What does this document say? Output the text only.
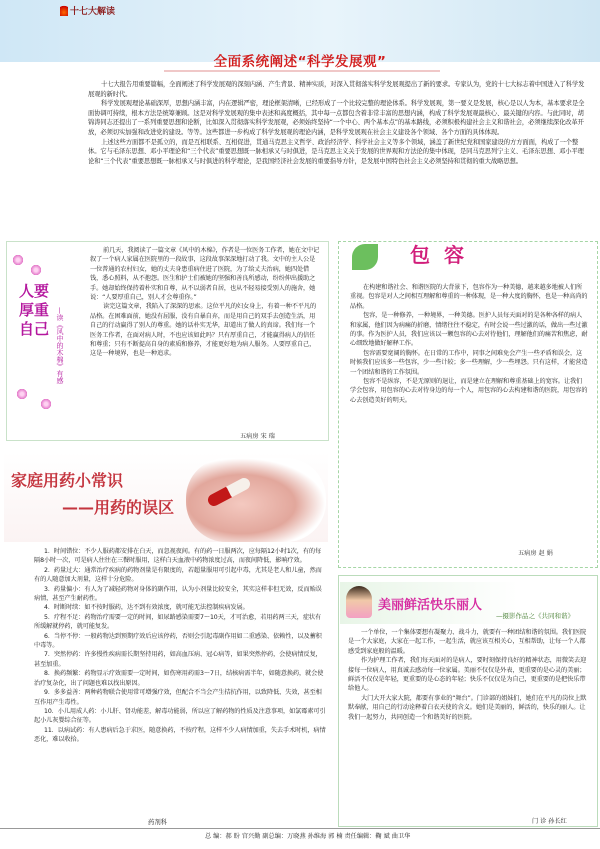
十七大解读
全面系统阐述“科学发展观”

十七大报告用重要篇幅，全面阐述了科学发展观的深刻内涵、产生背景、精神实质，对深入贯彻落实科学发展观提出了新的要求。专家认为，党的十七大标志着中国进入了科学发展观的新时代。

科学发展观理论基础深厚，思想内涵丰富，内在逻辑严密，理论框架清晰，已经形成了一个比较完整的理论体系。科学发展观，第一要义是发展，核心是以人为本，基本要求是全面协调可持续，根本方法是统筹兼顾。这是对科学发展观的集中表述和高度概括，其中每一点都包含着非常丰富的思想内涵，构成了科学发展观最核心、最关键的内容。与此同时，胡锦涛同志还提出了一系列重要思想和论断，比如深入贯彻落实科学发展观，必须始终坚持“一个中心、两个基本点”的基本路线，必须积极构建社会主义和谐社会，必须继续深化改革开放，必须切实加强和改进党的建设。等等。这些都进一步构成了科学发展观的理论内涵，是科学发展观在社会主义建设各个领域、各个方面的具体体现。

上述这些方面都不是孤立的，而是互相联系、互相促进，贯通马克思主义哲学、政治经济学、科学社会主义等多个领域，涵盖了新世纪党和国家建设的方方面面，构成了一个整体。它与毛泽东思想、邓小平理论和“三个代表”重要思想既一脉相承又与时俱进，是马克思主义关于发展的世界观和方法论的集中体现，是同马克思列宁主义、毛泽东思想、邓小平理论和“三个代表”重要思想既一脉相承又与时俱进的科学理论，是我国经济社会发展的重要指导方针，是发展中国特色社会主义必须坚持和贯彻的重大战略思想。

人要
厚重
自己 —读《风中的木棉》有感

前几天，我阅读了一篇文章《风中的木棉》，作者是一位医务工作者，她在文中记叙了一个病人家属在医院里的一段故事，这段故事深深地打动了我。文中的主人公是一位普通的农村妇女，她的丈夫身患重病住进了医院，为了给丈夫治病，她四处借钱，悉心照料，从不抱怨。医生和护士们被她的坚强和善良所感动，纷纷伸出援助之手。她却始终保持着朴实和自尊，从不以弱者自居，也从不轻易接受别人的施舍，她说：“人要厚重自己，别人才会尊重你。”

读完这篇文章，我陷入了深深的思索。这位平凡的妇女身上，有着一种不平凡的品格。在困难面前，她没有屈服，没有自暴自弃，而是用自己的双手去创造生活，用自己的行动赢得了别人的尊重。她的话朴实无华，却道出了做人的真谛。我们每一个医务工作者，在面对病人时，不也应该如此吗？只有厚重自己，才能赢得病人的信任和尊重；只有不断提高自身的素质和修养，才能更好地为病人服务。人要厚重自己，这是一种境界，也是一种追求。

五病房 宋 瑞
家庭用药小常识
——用药的误区

1．时间错位：不少人服药都安排在白天，而忽视夜间。有的药一日服两次，应每隔12小时1次，有的每隔8小时一次，可是病人往往在三餐时服用，这样白天血液中药物浓度过高，而夜间降低，影响疗效。

2．药量过大：通常治疗疾病的药物剂量是有限度的，若超量服用可引起中毒，尤其是老人和儿童，然而有的人随意加大剂量，这样十分危险。

3．药量偏小：有人为了减轻药物对身体的副作用，认为小剂量比较安全，其实这样非但无效，反而贻误病情，甚至产生耐药性。

4．时断时续：如不按时服药，达不到有效浓度，就可能无法控制疾病发展。

5．疗程不足：药物治疗需要一定的时间，如尿路感染需要7～10天，才可治愈，若用药两三天，症状有所缓解就停药，就可能复发。

6．当停不停：一般药物达到预期疗效后应该停药，否则会引起毒副作用如二重感染、依赖性，以及蓄积中毒等。

7．突然停药：许多慢性疾病需长期坚持用药，如高血压病、冠心病等，如果突然停药，会使病情反复，甚至加重。

8．换药频繁：药物显示疗效需要一定时间，如伤寒用药需3～7日，结核病需半年，如随意换药，就会使治疗复杂化，出了问题也难以找出原因。

9．多多益善：两种药物联合使用常可增强疗效，但配合不当会产生拮抗作用，以致降低、失效，甚至相互作用产生毒性。

10．小儿用成人药：小儿肝、肾功能差，解毒功能弱，所以应了解药物的性质及注意事项，如氯霉素可引起小儿灰婴综合征等。

11．以病试药：有人患病后急于求医，随意换药，不按疗程，这样不少人病情加重，失去手术时机，病情恶化，难以收拾。

药剂科
包容

在构建和谐社会、和谐医院的大背景下，包容作为一种美德，越来越多地被人们所重视。包容是对人之间相互理解和尊重的一种体现，是一种大度的胸怀，也是一种高尚的品格。

包容，是一种修养，一种境界，一种美德。医护人员每天面对的是各种各样的病人和家属，他们因为病痛的折磨，情绪往往不稳定，有时会说一些过激的话，做出一些过激的事。作为医护人员，我们应该以一颗包容的心去对待他们，理解他们的痛苦和焦虑，耐心细致地做好解释工作。

包容需要宽阔的胸怀。在日常的工作中，同事之间难免会产生一些矛盾和误会，这时候我们应该多一些包容，少一些计较；多一些理解，少一些埋怨。只有这样，才能营造一个团结和谐的工作氛围。

包容不是纵容，不是无原则的退让，而是建立在理解和尊重基础上的宽容。让我们学会包容，用包容的心去对待身边的每一个人，用包容的心去构建和谐的医院，用包容的心去创造美好的明天。

五病房 赵 娟
美丽鲜活快乐丽人
—摄影作品之《共同和谐》

一个单位，一个集体要想有凝聚力、战斗力，就要有一种团结和谐的氛围。我们医院是一个大家庭，大家在一起工作，一起生活，就应该互相关心，互相帮助，让每一个人都感受到家庭般的温暖。

作为护理工作者，我们每天面对的是病人，要时刻保持良好的精神状态，用微笑去迎接每一位病人，用真诚去感动每一位家属。美丽不仅仅是外表，更重要的是心灵的美丽；鲜活不仅仅是年轻，更重要的是心态的年轻；快乐不仅仅是为自己，更重要的是把快乐带给他人。

大门大开大家大院，都要有事业的“舞台”。门诊部的姐妹们，她们在平凡的岗位上默默奉献，用自己的行动诠释着白衣天使的含义。她们是美丽的，鲜活的，快乐的丽人。让我们一起努力，共同创造一个和谐美好的医院。

门 诊 孙长红
总 编：郝 盼 宫兴勤 副总编：万晓燕 孙维海 郭 楠 责任编辑：鞠 斌 曲卫华
